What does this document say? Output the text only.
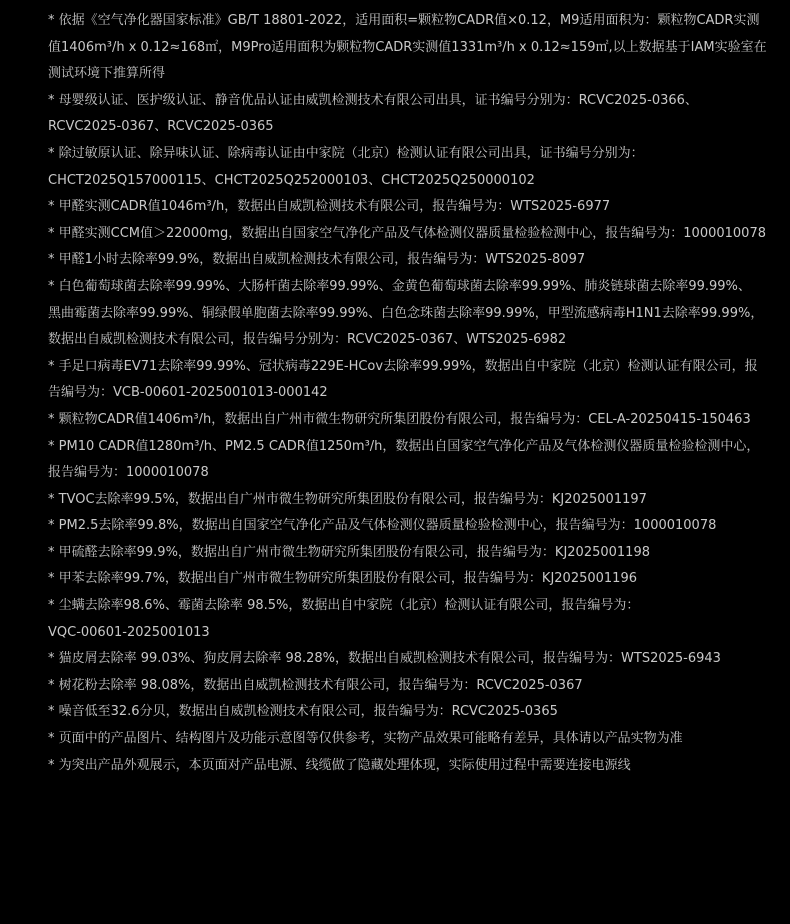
* 依据《空气净化器国家标准》GB/T 18801-2022，适用面积=颗粒物CADR值×0.12，M9适用面积为：颗粒物CADR实测
值1406m³/h x 0.12≈168㎡，M9Pro适用面积为颗粒物CADR实测值1331m³/h x 0.12≈159㎡,以上数据基于IAM实验室在
测试环境下推算所得

* 母婴级认证、医护级认证、静音优品认证由威凯检测技术有限公司出具，证书编号分别为：RCVC2025-0366、
RCVC2025-0367、RCVC2025-0365

* 除过敏原认证、除异味认证、除病毒认证由中家院（北京）检测认证有限公司出具，证书编号分别为：
CHCT2025Q157000115、CHCT2025Q252000103、CHCT2025Q250000102

* 甲醛实测CADR值1046m³/h，数据出自威凯检测技术有限公司，报告编号为：WTS2025-6977

* 甲醛实测CCM值＞22000mg，数据出自国家空气净化产品及气体检测仪器质量检验检测中心，报告编号为：1000010078

* 甲醛1小时去除率99.9%，数据出自威凯检测技术有限公司，报告编号为：WTS2025-8097

* 白色葡萄球菌去除率99.99%、大肠杆菌去除率99.99%、金黄色葡萄球菌去除率99.99%、肺炎链球菌去除率99.99%、
黑曲霉菌去除率99.99%、铜绿假单胞菌去除率99.99%、白色念珠菌去除率99.99%，甲型流感病毒H1N1去除率99.99%，
数据出自威凯检测技术有限公司，报告编号分别为：RCVC2025-0367、WTS2025-6982

* 手足口病毒EV71去除率99.99%、冠状病毒229E-HCov去除率99.99%，数据出自中家院（北京）检测认证有限公司，报
告编号为：VCB-00601-2025001013-000142

* 颗粒物CADR值1406m³/h，数据出自广州市微生物研究所集团股份有限公司，报告编号为：CEL-A-20250415-150463

* PM10 CADR值1280m³/h、PM2.5 CADR值1250m³/h，数据出自国家空气净化产品及气体检测仪器质量检验检测中心，
报告编号为：1000010078

* TVOC去除率99.5%，数据出自广州市微生物研究所集团股份有限公司，报告编号为：KJ2025001197

* PM2.5去除率99.8%，数据出自国家空气净化产品及气体检测仪器质量检验检测中心，报告编号为：1000010078

* 甲硫醛去除率99.9%，数据出自广州市微生物研究所集团股份有限公司，报告编号为：KJ2025001198

* 甲苯去除率99.7%，数据出自广州市微生物研究所集团股份有限公司，报告编号为：KJ2025001196

* 尘螨去除率98.6%、霉菌去除率 98.5%，数据出自中家院（北京）检测认证有限公司，报告编号为：
VQC-00601-2025001013

* 猫皮屑去除率 99.03%、狗皮屑去除率 98.28%，数据出自威凯检测技术有限公司，报告编号为：WTS2025-6943

* 树花粉去除率 98.08%，数据出自威凯检测技术有限公司，报告编号为：RCVC2025-0367

* 噪音低至32.6分贝，数据出自威凯检测技术有限公司，报告编号为：RCVC2025-0365

* 页面中的产品图片、结构图片及功能示意图等仅供参考，实物产品效果可能略有差异，具体请以产品实物为准

* 为突出产品外观展示，本页面对产品电源、线缆做了隐藏处理体现，实际使用过程中需要连接电源线
